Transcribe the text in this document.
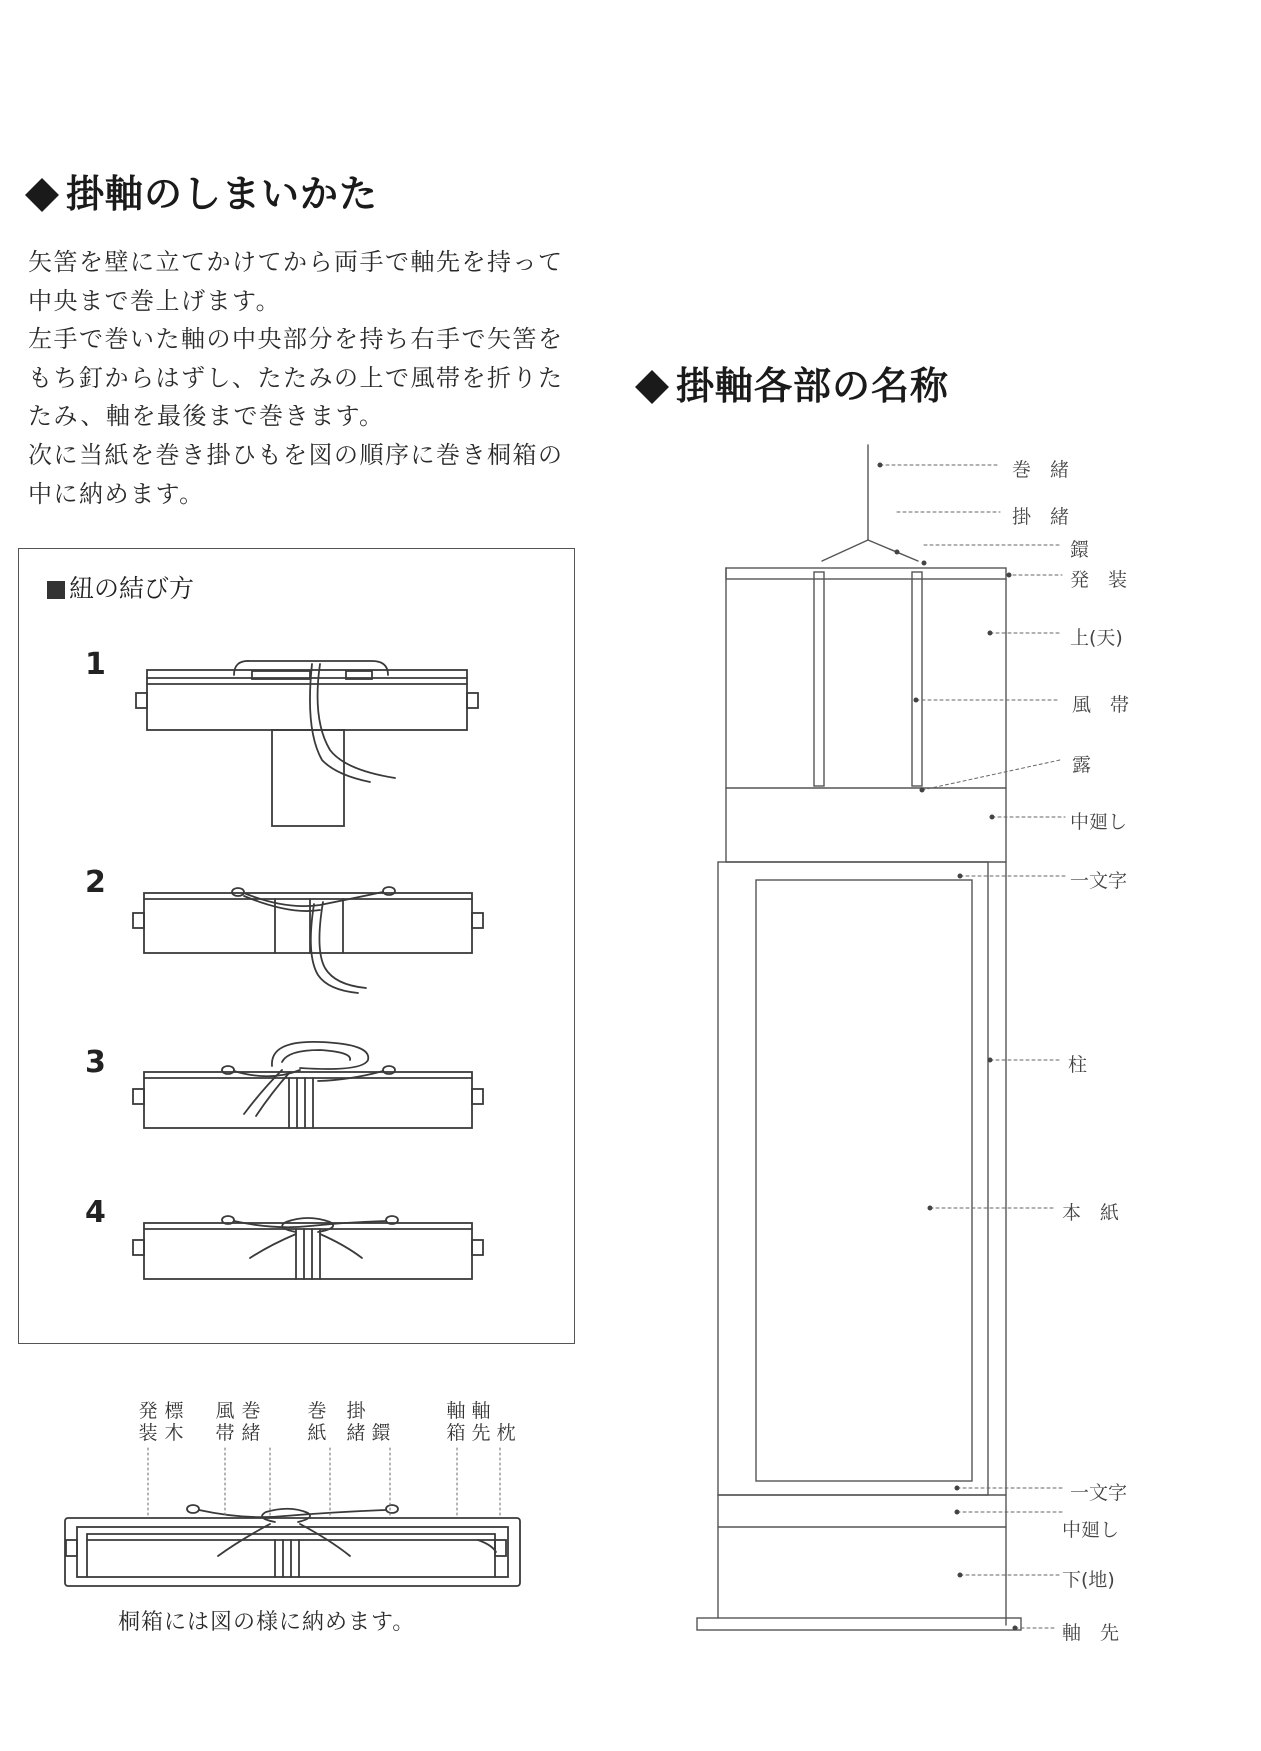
掛軸のしまいかた

矢筈を壁に立てかけてから両手で軸先を持って中央まで巻上げます。

左手で巻いた軸の中央部分を持ち右手で矢筈をもち釘からはずし、たたみの上で風帯を折りたたみ、軸を最後まで巻きます。

次に当紙を巻き掛ひもを図の順序に巻き桐箱の中に納めます。

紐の結び方
1
2
3
4
発装
標木
風帯
巻緒
巻紙
掛緒 鐶
軸箱
軸先 枕
桐箱には図の様に納めます。
掛軸各部の名称
巻　緒
掛　緒
鐶
発　装
上(天)
風　帯
露
中廻し
一文字
柱
本　紙
一文字
中廻し
下(地)
軸　先
